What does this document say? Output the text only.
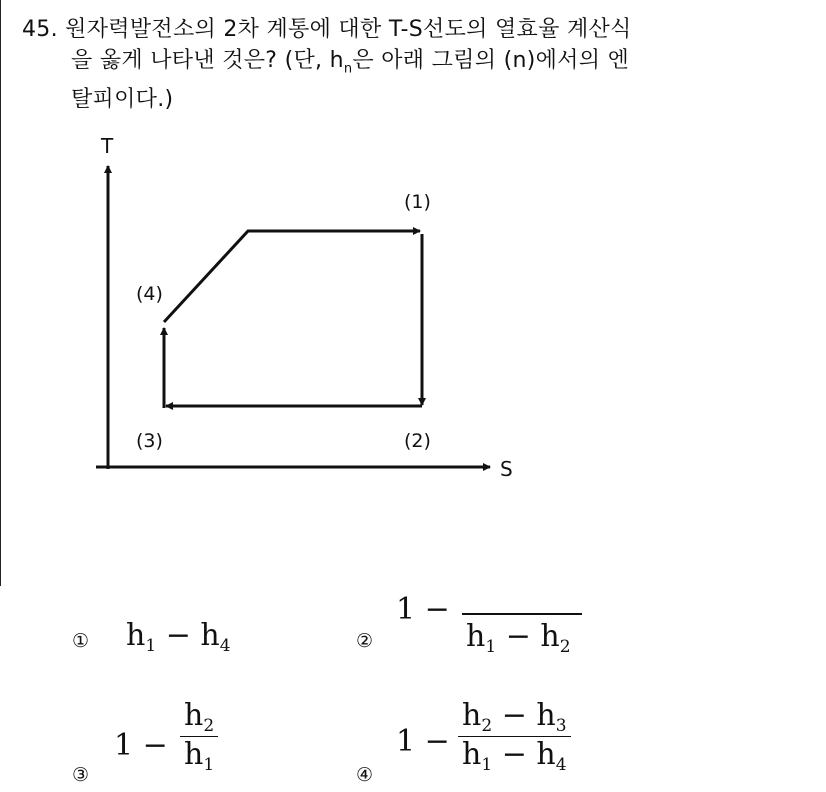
45. 원자력발전소의 2차 계통에 대한 T-S선도의 열효율 계산식
을 옳게 나타낸 것은? (단, $h_n$은 아래 그림의 (n)에서의 엔
탈피이다.)
T
S
(1)
(2)
(3)
(4)
① $h_1 - h_4$	②
1 −
$h_1 - h_2$
③
$1 - \frac{h_2}{h_1}$	④
$1 - \frac{h_2 - h_3}{h_1 - h_4}$
